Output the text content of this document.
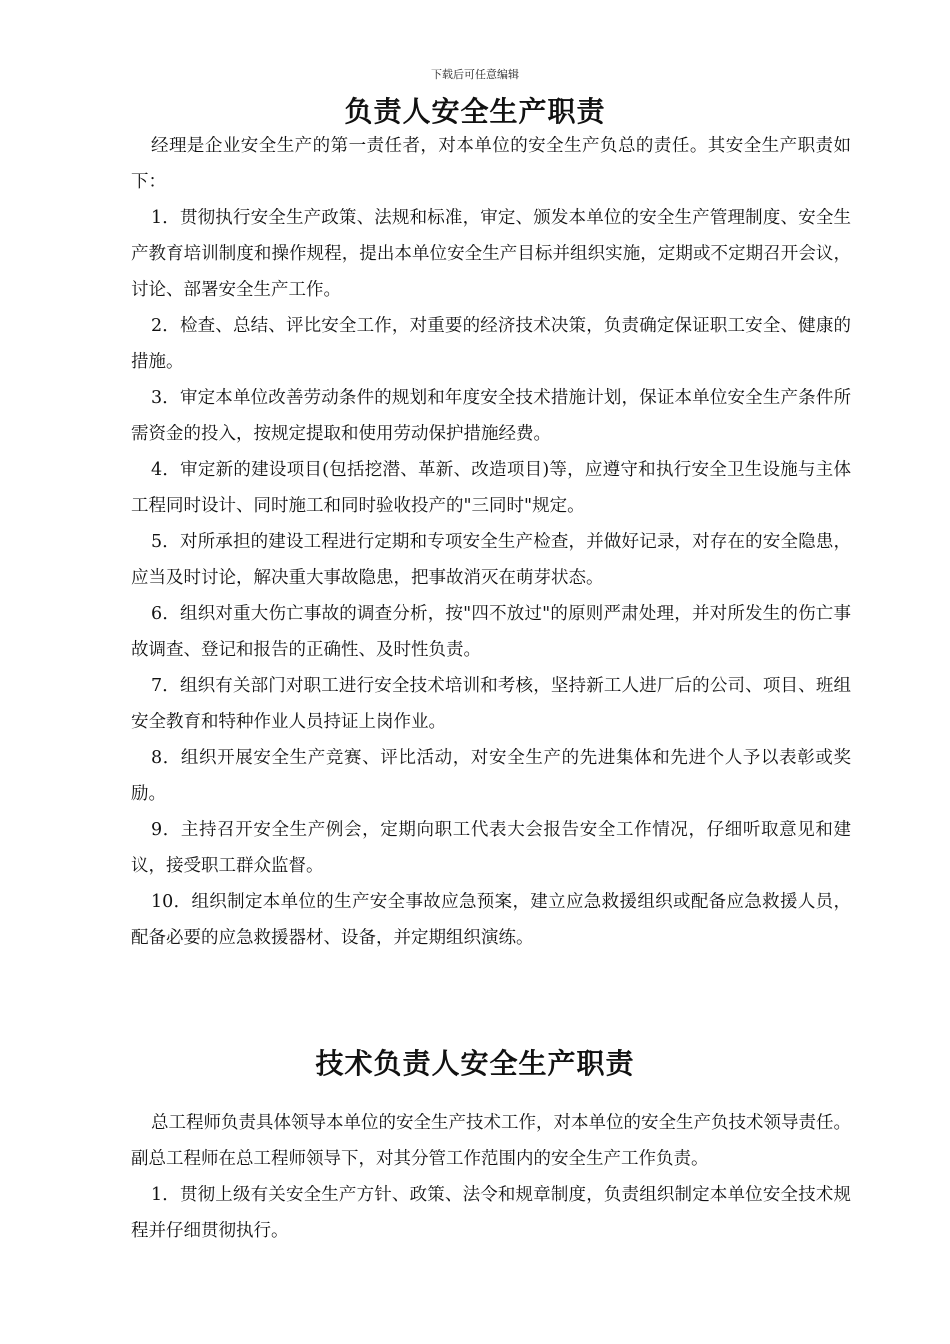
下载后可任意编辑
负责人安全生产职责

经理是企业安全生产的第一责任者，对本单位的安全生产负总的责任。其安全生产职责如下：

1．贯彻执行安全生产政策、法规和标准，审定、颁发本单位的安全生产管理制度、安全生产教育培训制度和操作规程，提出本单位安全生产目标并组织实施，定期或不定期召开会议，讨论、部署安全生产工作。

2．检查、总结、评比安全工作，对重要的经济技术决策，负责确定保证职工安全、健康的措施。

3．审定本单位改善劳动条件的规划和年度安全技术措施计划，保证本单位安全生产条件所需资金的投入，按规定提取和使用劳动保护措施经费。

4．审定新的建设项目(包括挖潜、革新、改造项目)等，应遵守和执行安全卫生设施与主体工程同时设计、同时施工和同时验收投产的"三同时"规定。

5．对所承担的建设工程进行定期和专项安全生产检查，并做好记录，对存在的安全隐患，应当及时讨论，解决重大事故隐患，把事故消灭在萌芽状态。

6．组织对重大伤亡事故的调查分析，按"四不放过"的原则严肃处理，并对所发生的伤亡事故调查、登记和报告的正确性、及时性负责。

7．组织有关部门对职工进行安全技术培训和考核，坚持新工人进厂后的公司、项目、班组安全教育和特种作业人员持证上岗作业。

8．组织开展安全生产竞赛、评比活动，对安全生产的先进集体和先进个人予以表彰或奖励。

9．主持召开安全生产例会，定期向职工代表大会报告安全工作情况，仔细听取意见和建议，接受职工群众监督。

10．组织制定本单位的生产安全事故应急预案，建立应急救援组织或配备应急救援人员，配备必要的应急救援器材、设备，并定期组织演练。

技术负责人安全生产职责

总工程师负责具体领导本单位的安全生产技术工作，对本单位的安全生产负技术领导责任。副总工程师在总工程师领导下，对其分管工作范围内的安全生产工作负责。

1．贯彻上级有关安全生产方针、政策、法令和规章制度，负责组织制定本单位安全技术规程并仔细贯彻执行。
